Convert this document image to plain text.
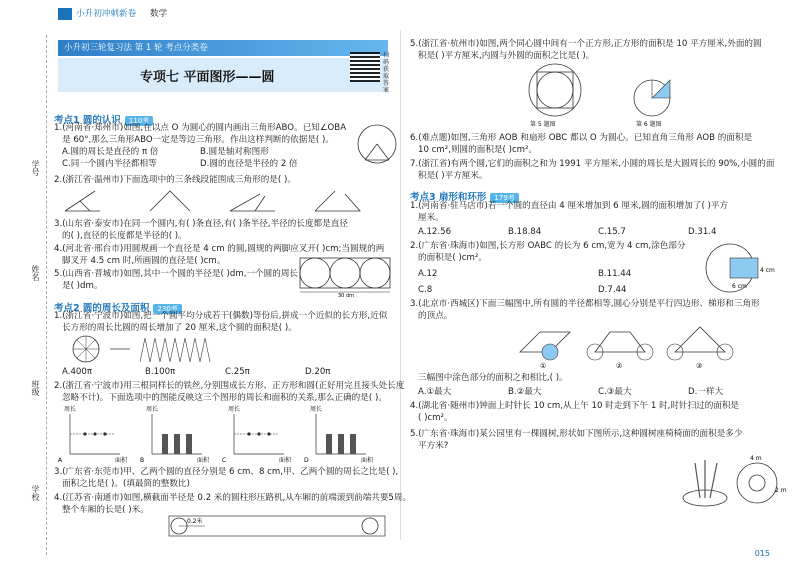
小升初冲刺新卷 数学
学号
姓名
班级
学校
小升初三轮复习法 第 1 轮 考点分类卷
专项七 平面图形——圆
扫码获取答案
考点1 圆的认识 110考
1.(河南省·郑州市)如图,在以点 O 为圆心的圆内画出三角形ABO。已知∠OBA
是 60°,那么三角形ABO一定是等边三角形。作出这样判断的依据是( )。
A.圆的周长是直径的 π 倍	B.圆是轴对称图形
C.同一个圆内半径都相等	D.圆的直径是半径的 2 倍
2.(浙江省·温州市)下面选项中的三条线段能围成三角形的是( )。
3.(山东省·泰安市)在同一个圆内,有( )条直径,有( )条半径,半径的长度都是直径
的( ),直径的长度都是半径的( )。
4.(河北省·邢台市)用圆规画一个直径是 4 cm 的圆,圆规的两脚应叉开( )cm;当圆规的两
脚叉开 4.5 cm 时,所画圆的直径是( )cm。
5.(山西省·晋城市)如图,其中一个圆的半径是( )dm,一个圆的周长
是( )dm。
30 dm
考点2 圆的周长及面积 230考
1.(浙江省·宁波市)如图,把一个圆平均分成若干(偶数)等份后,拼成一个近似的长方形,近似
长方形的周长比圆的周长增加了 20 厘米,这个圆的面积是( )。
A.400π	B.100π	C.25π	D.20π
2.(浙江省·宁波市)用三根同样长的铁丝,分别围成长方形、正方形和圆(正好用完且接头处长度
忽略不计)。下面选项中的图能反映这三个图形的周长和面积的关系,那么正确的是( )。
周长
面积
A
周长
面积
B
周长
面积
C
周长
面积
D
3.(广东省·东莞市)甲、乙两个圆的直径分别是 6 cm、8 cm,甲、乙两个圆的周长之比是( ),
面积之比是( )。(填最简的整数比)
4.(江苏省·南通市)如图,横截面半径是 0.2 米的圆柱形压路机,从车厢的前端滚到前端共要5周。
整个车厢的长是( )米。
0.2米
5.(浙江省·杭州市)如图,两个同心圆中间有一个正方形,正方形的面积是 10 平方厘米,外面的圆
积是( )平方厘米,内圆与外圆的面积之比是( )。
第 5 题图	第 6 题图
6.(难点题)如图,三角形 AOB 和扇形 OBC 都以 O 为圆心。已知直角三角形 AOB 的面积是
10 cm²,则圆的面积是( )cm²。
7.(浙江省)有两个圆,它们的面积之和为 1991 平方厘米,小圆的周长是大圆周长的 90%,小圆的面
积是( )平方厘米。
考点3 扇形和环形 179考
1.(河南省·驻马店市)若一个圆的直径由 4 厘米增加到 6 厘米,圆的面积增加了( )平方
厘米。
A.12.56	B.18.84	C.15.7	D.31.4
2.(广东省·珠海市)如图,长方形 OABC 的长为 6 cm,宽为 4 cm,涂色部分
的面积是( )cm²。
A.12	B.11.44
C.8	D.7.44
4 cm
6 cm
3.(北京市·西城区)下面三幅图中,所有圆的半径都相等,圆心分别是平行四边形、梯形和三角形
的顶点。
①	②	③
三幅图中涂色部分的面积之和相比,( )。
A.①最大	B.②最大	C.③最大	D.一样大
4.(湖北省·随州市)钟面上时针长 10 cm,从上午 10 时走到下午 1 时,时针扫过的面积是
( )cm²。
5.(广东省·珠海市)某公园里有一棵圆树,形状如下图所示,这种圆树座椅椅面的面积是多少
平方米?
4 m
2 m
015
